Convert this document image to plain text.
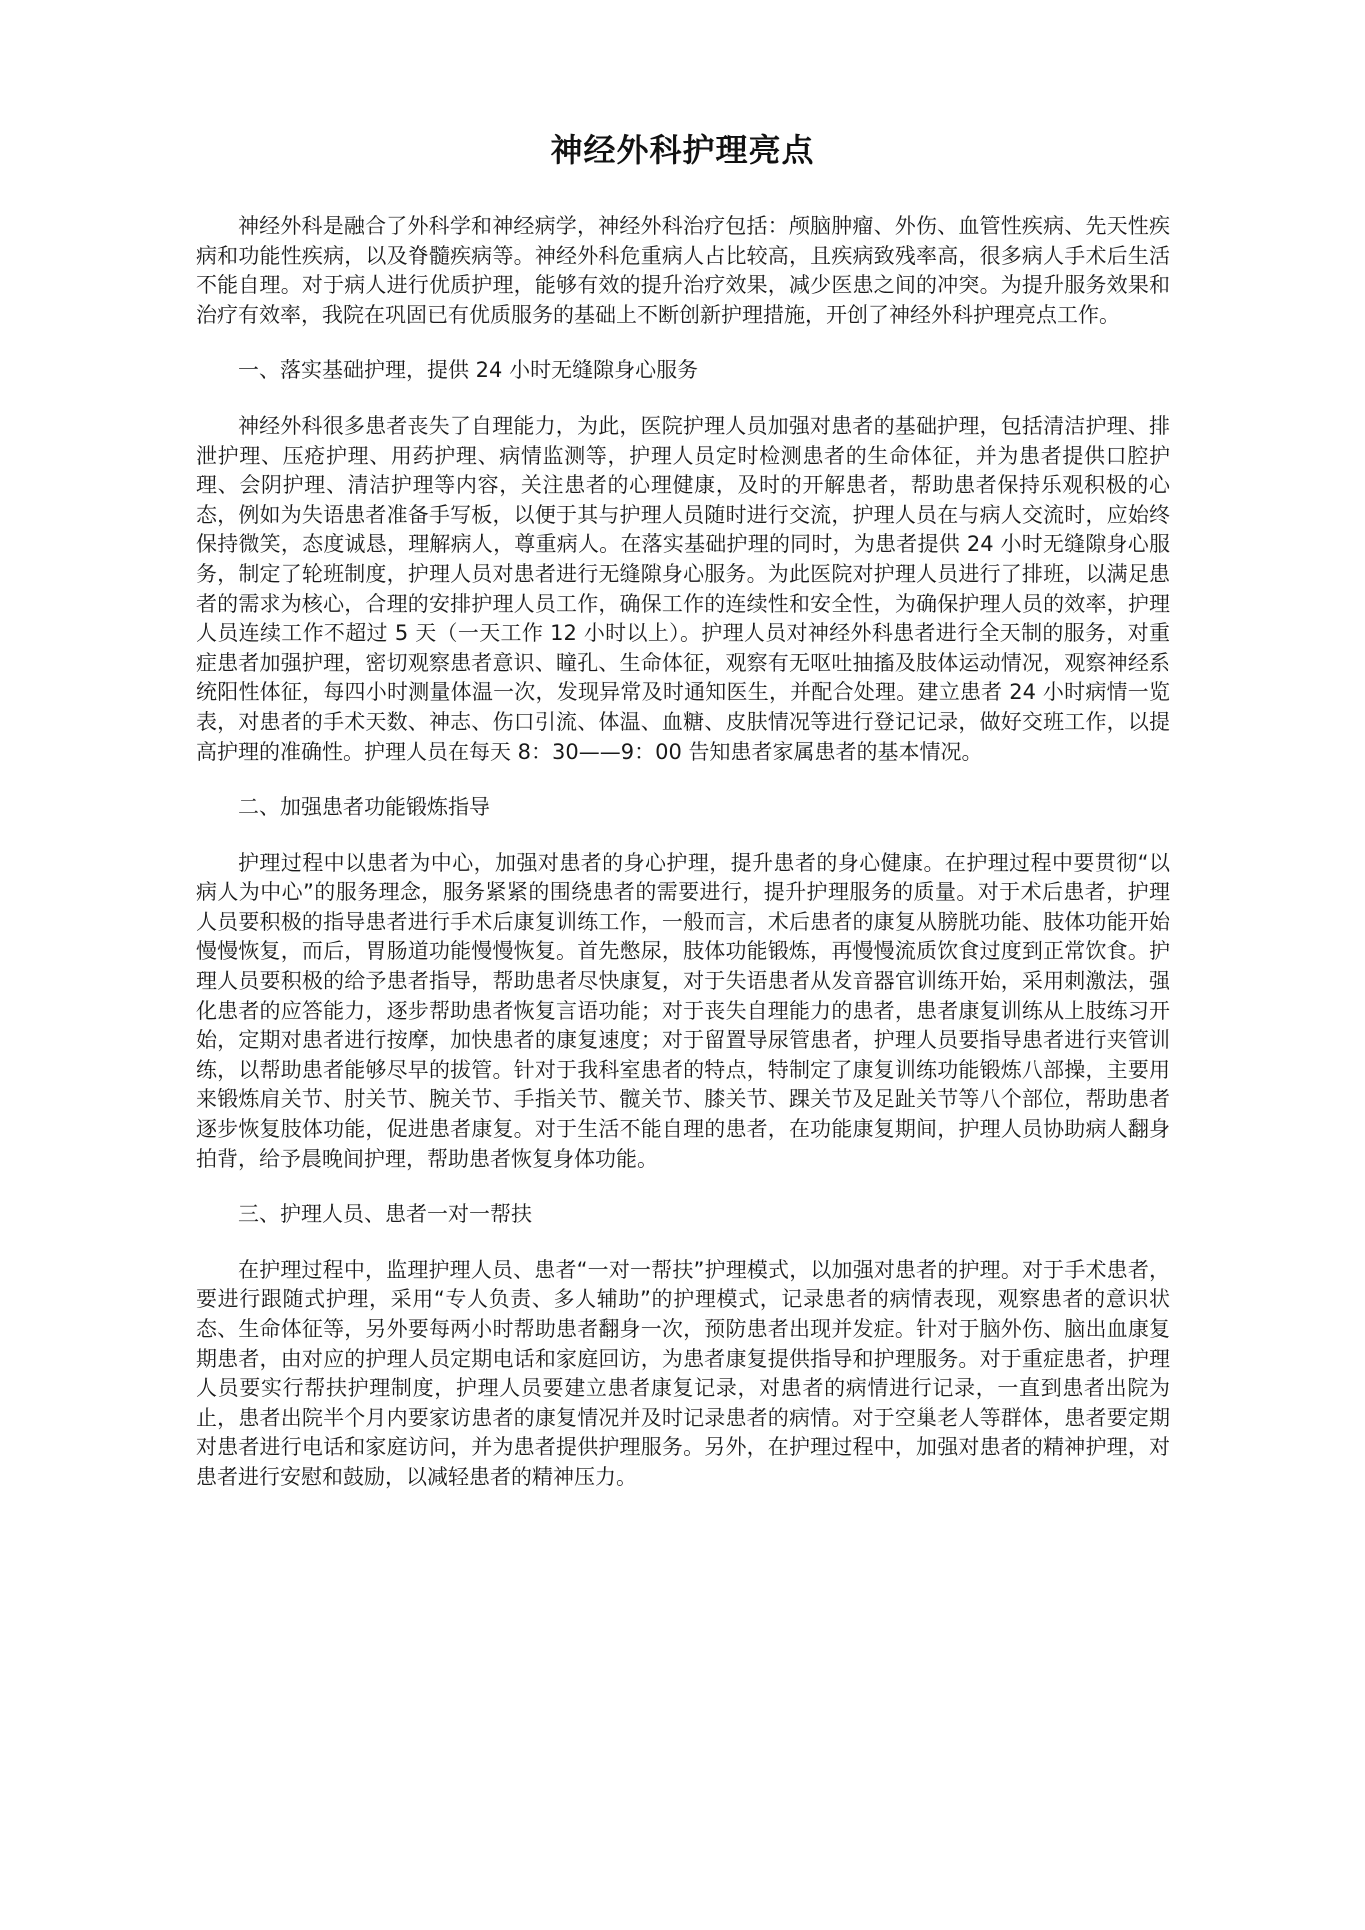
神经外科护理亮点

神经外科是融合了外科学和神经病学，神经外科治疗包括：颅脑肿瘤、外伤、血管性疾病、先天性疾病和功能性疾病，以及脊髓疾病等。神经外科危重病人占比较高，且疾病致残率高，很多病人手术后生活不能自理。对于病人进行优质护理，能够有效的提升治疗效果，减少医患之间的冲突。为提升服务效果和治疗有效率，我院在巩固已有优质服务的基础上不断创新护理措施，开创了神经外科护理亮点工作。

一、落实基础护理，提供 24 小时无缝隙身心服务

神经外科很多患者丧失了自理能力，为此，医院护理人员加强对患者的基础护理，包括清洁护理、排泄护理、压疮护理、用药护理、病情监测等，护理人员定时检测患者的生命体征，并为患者提供口腔护理、会阴护理、清洁护理等内容，关注患者的心理健康，及时的开解患者，帮助患者保持乐观积极的心态，例如为失语患者准备手写板，以便于其与护理人员随时进行交流，护理人员在与病人交流时，应始终保持微笑，态度诚恳，理解病人，尊重病人。在落实基础护理的同时，为患者提供 24 小时无缝隙身心服务，制定了轮班制度，护理人员对患者进行无缝隙身心服务。为此医院对护理人员进行了排班，以满足患者的需求为核心，合理的安排护理人员工作，确保工作的连续性和安全性，为确保护理人员的效率，护理人员连续工作不超过 5 天（一天工作 12 小时以上）。护理人员对神经外科患者进行全天制的服务，对重症患者加强护理，密切观察患者意识、瞳孔、生命体征，观察有无呕吐抽搐及肢体运动情况，观察神经系统阳性体征，每四小时测量体温一次，发现异常及时通知医生，并配合处理。建立患者 24 小时病情一览表，对患者的手术天数、神志、伤口引流、体温、血糖、皮肤情况等进行登记记录，做好交班工作，以提高护理的准确性。护理人员在每天 8：30——9：00 告知患者家属患者的基本情况。

二、加强患者功能锻炼指导

护理过程中以患者为中心，加强对患者的身心护理，提升患者的身心健康。在护理过程中要贯彻“以病人为中心”的服务理念，服务紧紧的围绕患者的需要进行，提升护理服务的质量。对于术后患者，护理人员要积极的指导患者进行手术后康复训练工作，一般而言，术后患者的康复从膀胱功能、肢体功能开始慢慢恢复，而后，胃肠道功能慢慢恢复。首先憋尿，肢体功能锻炼，再慢慢流质饮食过度到正常饮食。护理人员要积极的给予患者指导，帮助患者尽快康复，对于失语患者从发音器官训练开始，采用刺激法，强化患者的应答能力，逐步帮助患者恢复言语功能；对于丧失自理能力的患者，患者康复训练从上肢练习开始，定期对患者进行按摩，加快患者的康复速度；对于留置导尿管患者，护理人员要指导患者进行夹管训练，以帮助患者能够尽早的拔管。针对于我科室患者的特点，特制定了康复训练功能锻炼八部操，主要用来锻炼肩关节、肘关节、腕关节、手指关节、髋关节、膝关节、踝关节及足趾关节等八个部位，帮助患者逐步恢复肢体功能，促进患者康复。对于生活不能自理的患者，在功能康复期间，护理人员协助病人翻身拍背，给予晨晚间护理，帮助患者恢复身体功能。

三、护理人员、患者一对一帮扶

在护理过程中，监理护理人员、患者“一对一帮扶”护理模式，以加强对患者的护理。对于手术患者，要进行跟随式护理，采用“专人负责、多人辅助”的护理模式，记录患者的病情表现，观察患者的意识状态、生命体征等，另外要每两小时帮助患者翻身一次，预防患者出现并发症。针对于脑外伤、脑出血康复期患者，由对应的护理人员定期电话和家庭回访，为患者康复提供指导和护理服务。对于重症患者，护理人员要实行帮扶护理制度，护理人员要建立患者康复记录，对患者的病情进行记录，一直到患者出院为止，患者出院半个月内要家访患者的康复情况并及时记录患者的病情。对于空巢老人等群体，患者要定期对患者进行电话和家庭访问，并为患者提供护理服务。另外，在护理过程中，加强对患者的精神护理，对患者进行安慰和鼓励，以减轻患者的精神压力。
